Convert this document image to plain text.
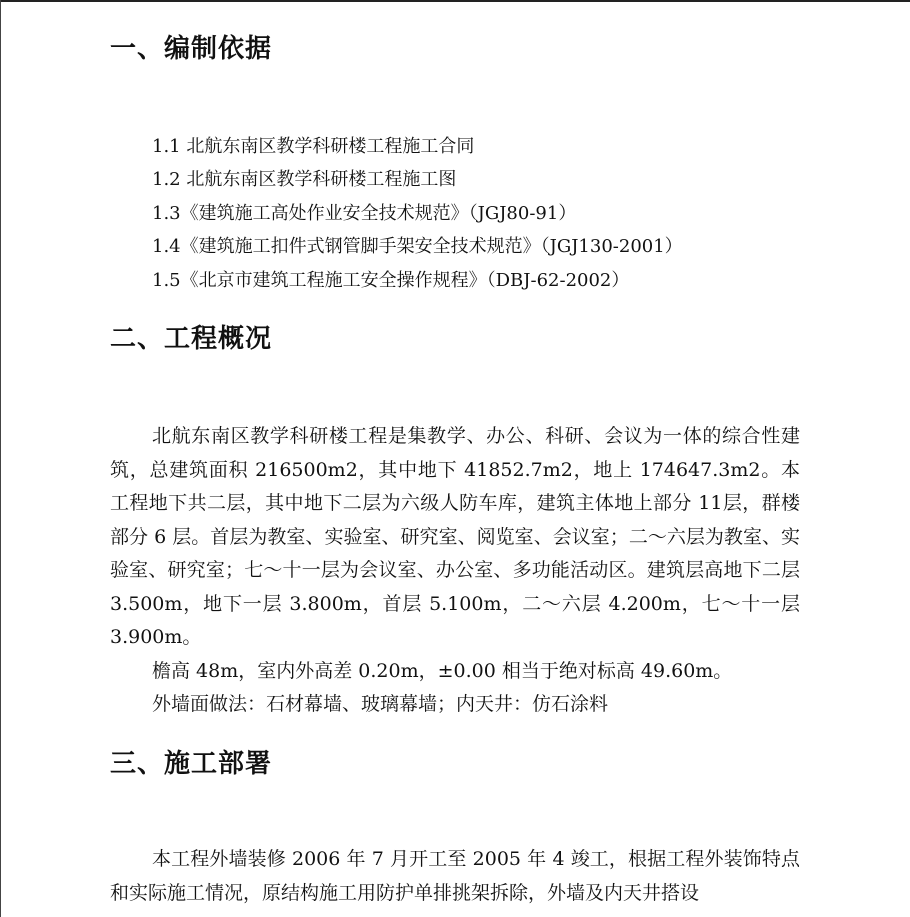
一、编制依据

1.1 北航东南区教学科研楼工程施工合同

1.2 北航东南区教学科研楼工程施工图

1.3《建筑施工高处作业安全技术规范》（JGJ80-91）

1.4《建筑施工扣件式钢管脚手架安全技术规范》（JGJ130-2001）

1.5《北京市建筑工程施工安全操作规程》（DBJ-62-2002）

二、工程概况

北航东南区教学科研楼工程是集教学、办公、科研、会议为一体的综合性建筑，总建筑面积 216500m2，其中地下 41852.7m2，地上 174647.3m2。本工程地下共二层，其中地下二层为六级人防车库，建筑主体地上部分 11层，群楼部分 6 层。首层为教室、实验室、研究室、阅览室、会议室；二～六层为教室、实验室、研究室；七～十一层为会议室、办公室、多功能活动区。建筑层高地下二层 3.500m，地下一层 3.800m，首层 5.100m，二～六层 4.200m，七～十一层 3.900m。

檐高 48m，室内外高差 0.20m，±0.00 相当于绝对标高 49.60m。

外墙面做法：石材幕墙、玻璃幕墙；内天井：仿石涂料

三、施工部署

本工程外墙装修 2006 年 7 月开工至 2005 年 4 竣工，根据工程外装饰特点和实际施工情况，原结构施工用防护单排挑架拆除，外墙及内天井搭设
